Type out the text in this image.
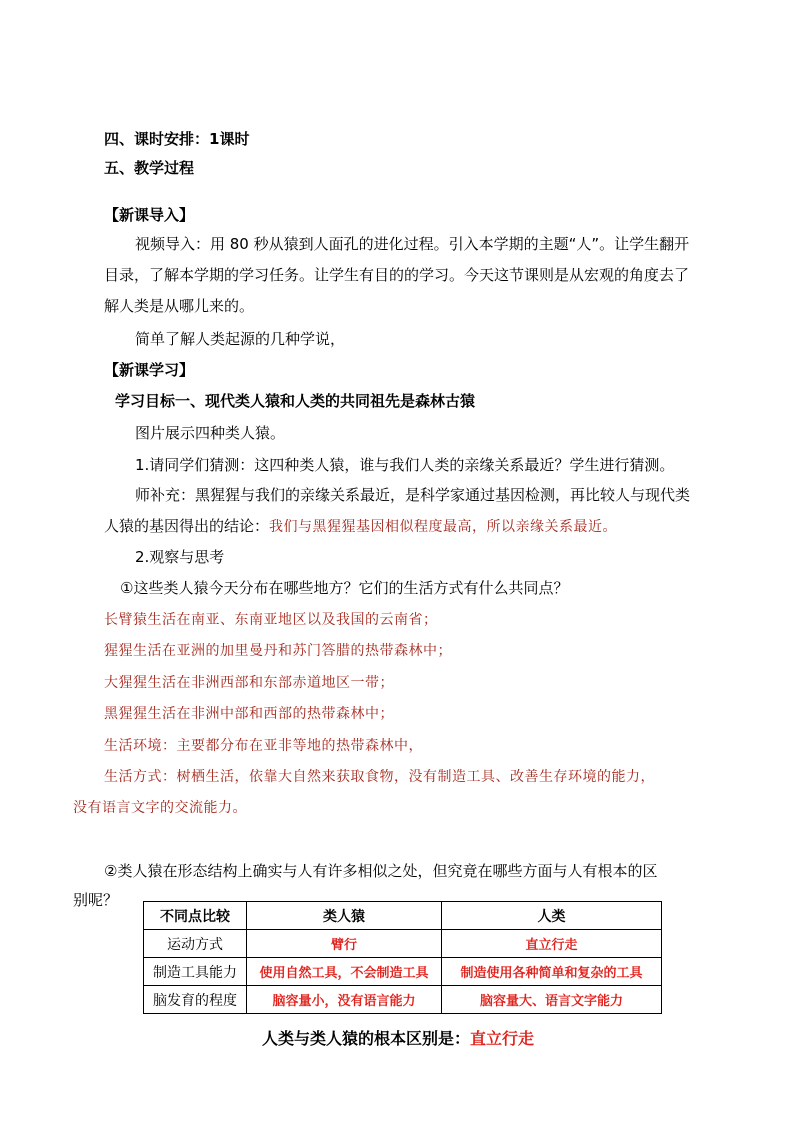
四、课时安排：1课时
五、教学过程
【新课导入】
视频导入：用 80 秒从猿到人面孔的进化过程。引入本学期的主题“人”。让学生翻开
目录，了解本学期的学习任务。让学生有目的的学习。今天这节课则是从宏观的角度去了
解人类是从哪儿来的。
简单了解人类起源的几种学说，
【新课学习】
学习目标一、现代类人猿和人类的共同祖先是森林古猿
图片展示四种类人猿。
1.请同学们猜测：这四种类人猿，谁与我们人类的亲缘关系最近？学生进行猜测。
师补充：黑猩猩与我们的亲缘关系最近，是科学家通过基因检测，再比较人与现代类
人猿的基因得出的结论：我们与黑猩猩基因相似程度最高，所以亲缘关系最近。
2.观察与思考
①这些类人猿今天分布在哪些地方？它们的生活方式有什么共同点？
长臂猿生活在南亚、东南亚地区以及我国的云南省；
猩猩生活在亚洲的加里曼丹和苏门答腊的热带森林中；
大猩猩生活在非洲西部和东部赤道地区一带；
黑猩猩生活在非洲中部和西部的热带森林中；
生活环境：主要都分布在亚非等地的热带森林中，
生活方式：树栖生活，依靠大自然来获取食物，没有制造工具、改善生存环境的能力，
没有语言文字的交流能力。
②类人猿在形态结构上确实与人有许多相似之处，但究竟在哪些方面与人有根本的区
别呢？
不同点比较	类人猿	人类
运动方式	臂行	直立行走
制造工具能力	使用自然工具，不会制造工具	制造使用各种简单和复杂的工具
脑发育的程度	脑容量小，没有语言能力	脑容量大、语言文字能力
人类与类人猿的根本区别是：直立行走
